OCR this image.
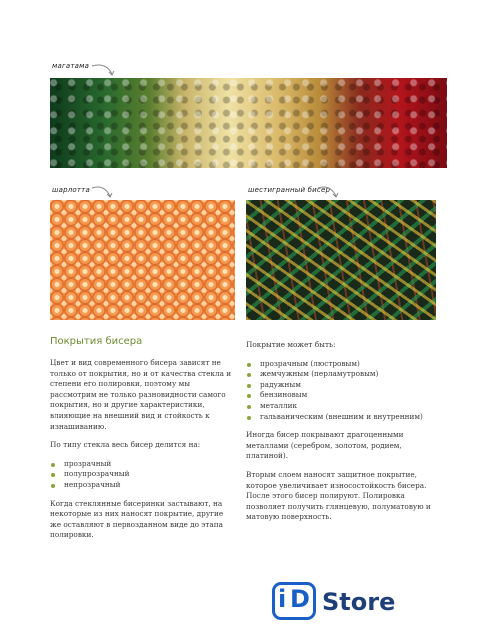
магатама
шарлотта	шестигранный бисер
Покрытия бисера

Цвет и вид современного бисера зависят не только от покрытия, но и от качества стекла и степени его полировки, поэтому мы рассмотрим не только разновидности самого покрытия, но и другие характеристики, влияющие на внешний вид и стойкость к изнашиванию.

По типу стекла весь бисер делится на:

прозрачный
полупрозрачный
непрозрачный

Когда стеклянные бисеринки застывают, на некоторые из них наносят покрытие, другие же оставляют в первозданном виде до этапа полировки.

Покрытие может быть:

прозрачным (люстровым)
жемчужным (перламутровым)
радужным
бензиновым
металлик
гальваническим (внешним и внутренним)

Иногда бисер покрывают драгоценными металлами (серебром, золотом, родием, платиной).

Вторым слоем наносят защитное покрытие, которое увеличивает износостойкость бисера. После этого бисер полируют. Полировка позволяет получить глянцевую, полуматовую и матовую поверхность.

i D Store
